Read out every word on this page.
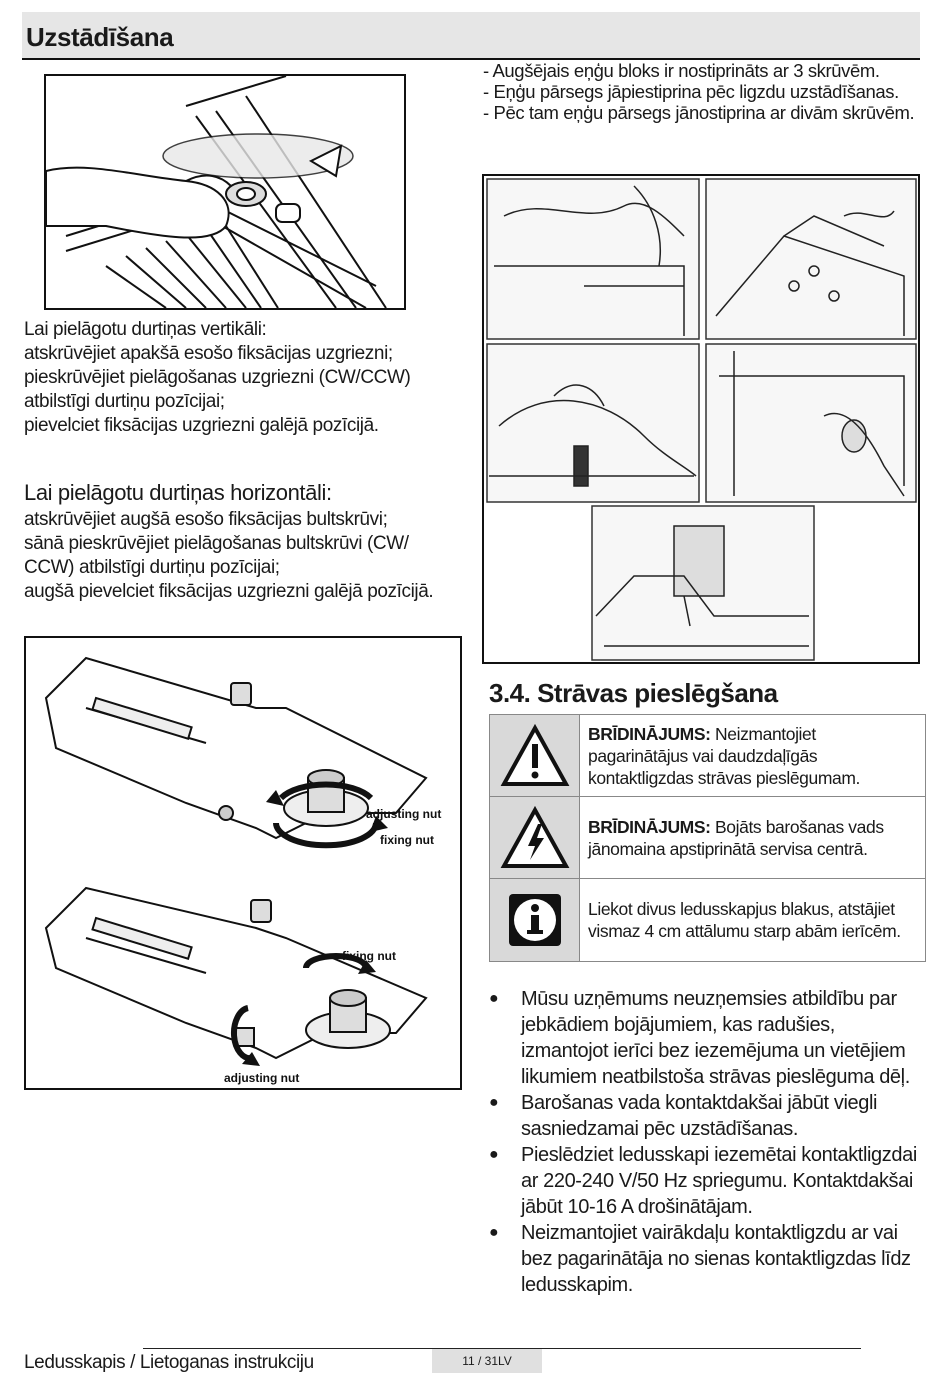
Uzstādīšana
- Augšējais eņģu bloks ir nostiprināts ar 3 skrūvēm.
- Eņģu pārsegs jāpiestiprina pēc ligzdu uzstādīšanas.
- Pēc tam eņģu pārsegs jānostiprina ar divām skrūvēm.
Lai pielāgotu durtiņas vertikāli:
atskrūvējiet apakšā esošo fiksācijas uzgriezni;
pieskrūvējiet pielāgošanas uzgriezni (CW/CCW)
atbilstīgi durtiņu pozīcijai;
pievelciet fiksācijas uzgriezni galējā pozīcijā.
Lai pielāgotu durtiņas horizontāli:
atskrūvējiet augšā esošo fiksācijas bultskrūvi;
sānā pieskrūvējiet pielāgošanas bultskrūvi (CW/
CCW) atbilstīgi durtiņu pozīcijai;
augšā pievelciet fiksācijas uzgriezni galējā pozīcijā.
adjusting nut
fixing nut
fixing nut
adjusting nut
3.4. Strāvas pieslēgšana
BRĪDINĀJUMS: Neizmantojiet pagarinātājus vai daudzdaļīgās kontaktligzdas strāvas pieslēgumam.
BRĪDINĀJUMS: Bojāts barošanas vads jānomaina apstiprinātā servisa centrā.
Liekot divus ledusskapjus blakus, atstājiet vismaz 4 cm attālumu starp abām ierīcēm.
● Mūsu uzņēmums neuzņemsies atbildību par jebkādiem bojājumiem, kas radušies, izmantojot ierīci bez iezemējuma un vietējiem likumiem neatbilstoša strāvas pieslēguma dēļ.
● Barošanas vada kontaktdakšai jābūt viegli sasniedzamai pēc uzstādīšanas.
● Pieslēdziet ledusskapi iezemētai kontaktligzdai ar 220-240 V/50 Hz spriegumu. Kontaktdakšai jābūt 10-16 A drošinātājam.
● Neizmantojiet vairākdaļu kontaktligzdu ar vai bez pagarinātāja no sienas kontaktligzdas līdz ledusskapim.
Ledusskapis / Lietoganas instrukciju	11 / 31LV
